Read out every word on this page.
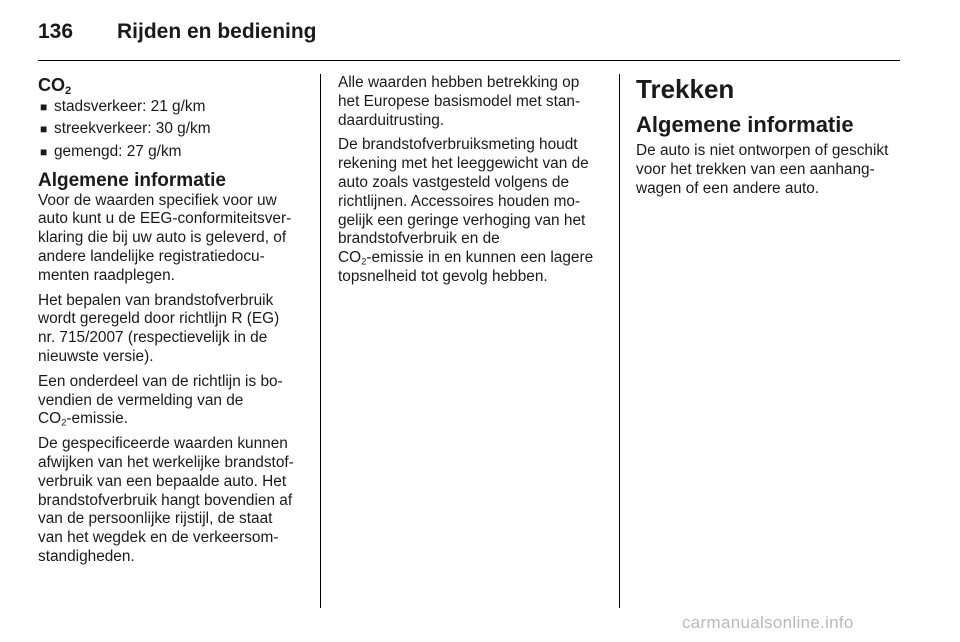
136 Rijden en bediening
$CO_2$
■ stadsverkeer: 21 g/km
■ streekverkeer: 30 g/km
■ gemengd: 27 g/km
Algemene informatie
Voor de waarden specifiek voor uw
auto kunt u de EEG-conformiteitsver-
klaring die bij uw auto is geleverd, of
andere landelijke registratiedocu-
menten raadplegen.
Het bepalen van brandstofverbruik
wordt geregeld door richtlijn R (EG)
nr. 715/2007 (respectievelijk in de
nieuwste versie).
Een onderdeel van de richtlijn is bo-
vendien de vermelding van de
$CO_2$-emissie.
De gespecificeerde waarden kunnen
afwijken van het werkelijke brandstof-
verbruik van een bepaalde auto. Het
brandstofverbruik hangt bovendien af
van de persoonlijke rijstijl, de staat
van het wegdek en de verkeersom-
standigheden.
Alle waarden hebben betrekking op
het Europese basismodel met stan-
daarduitrusting.
De brandstofverbruiksmeting houdt
rekening met het leeggewicht van de
auto zoals vastgesteld volgens de
richtlijnen. Accessoires houden mo-
gelijk een geringe verhoging van het
brandstofverbruik en de
$CO_2$-emissie in en kunnen een lagere
topsnelheid tot gevolg hebben.
Trekken
Algemene informatie
De auto is niet ontworpen of geschikt
voor het trekken van een aanhang-
wagen of een andere auto.
carmanualsonline.info
